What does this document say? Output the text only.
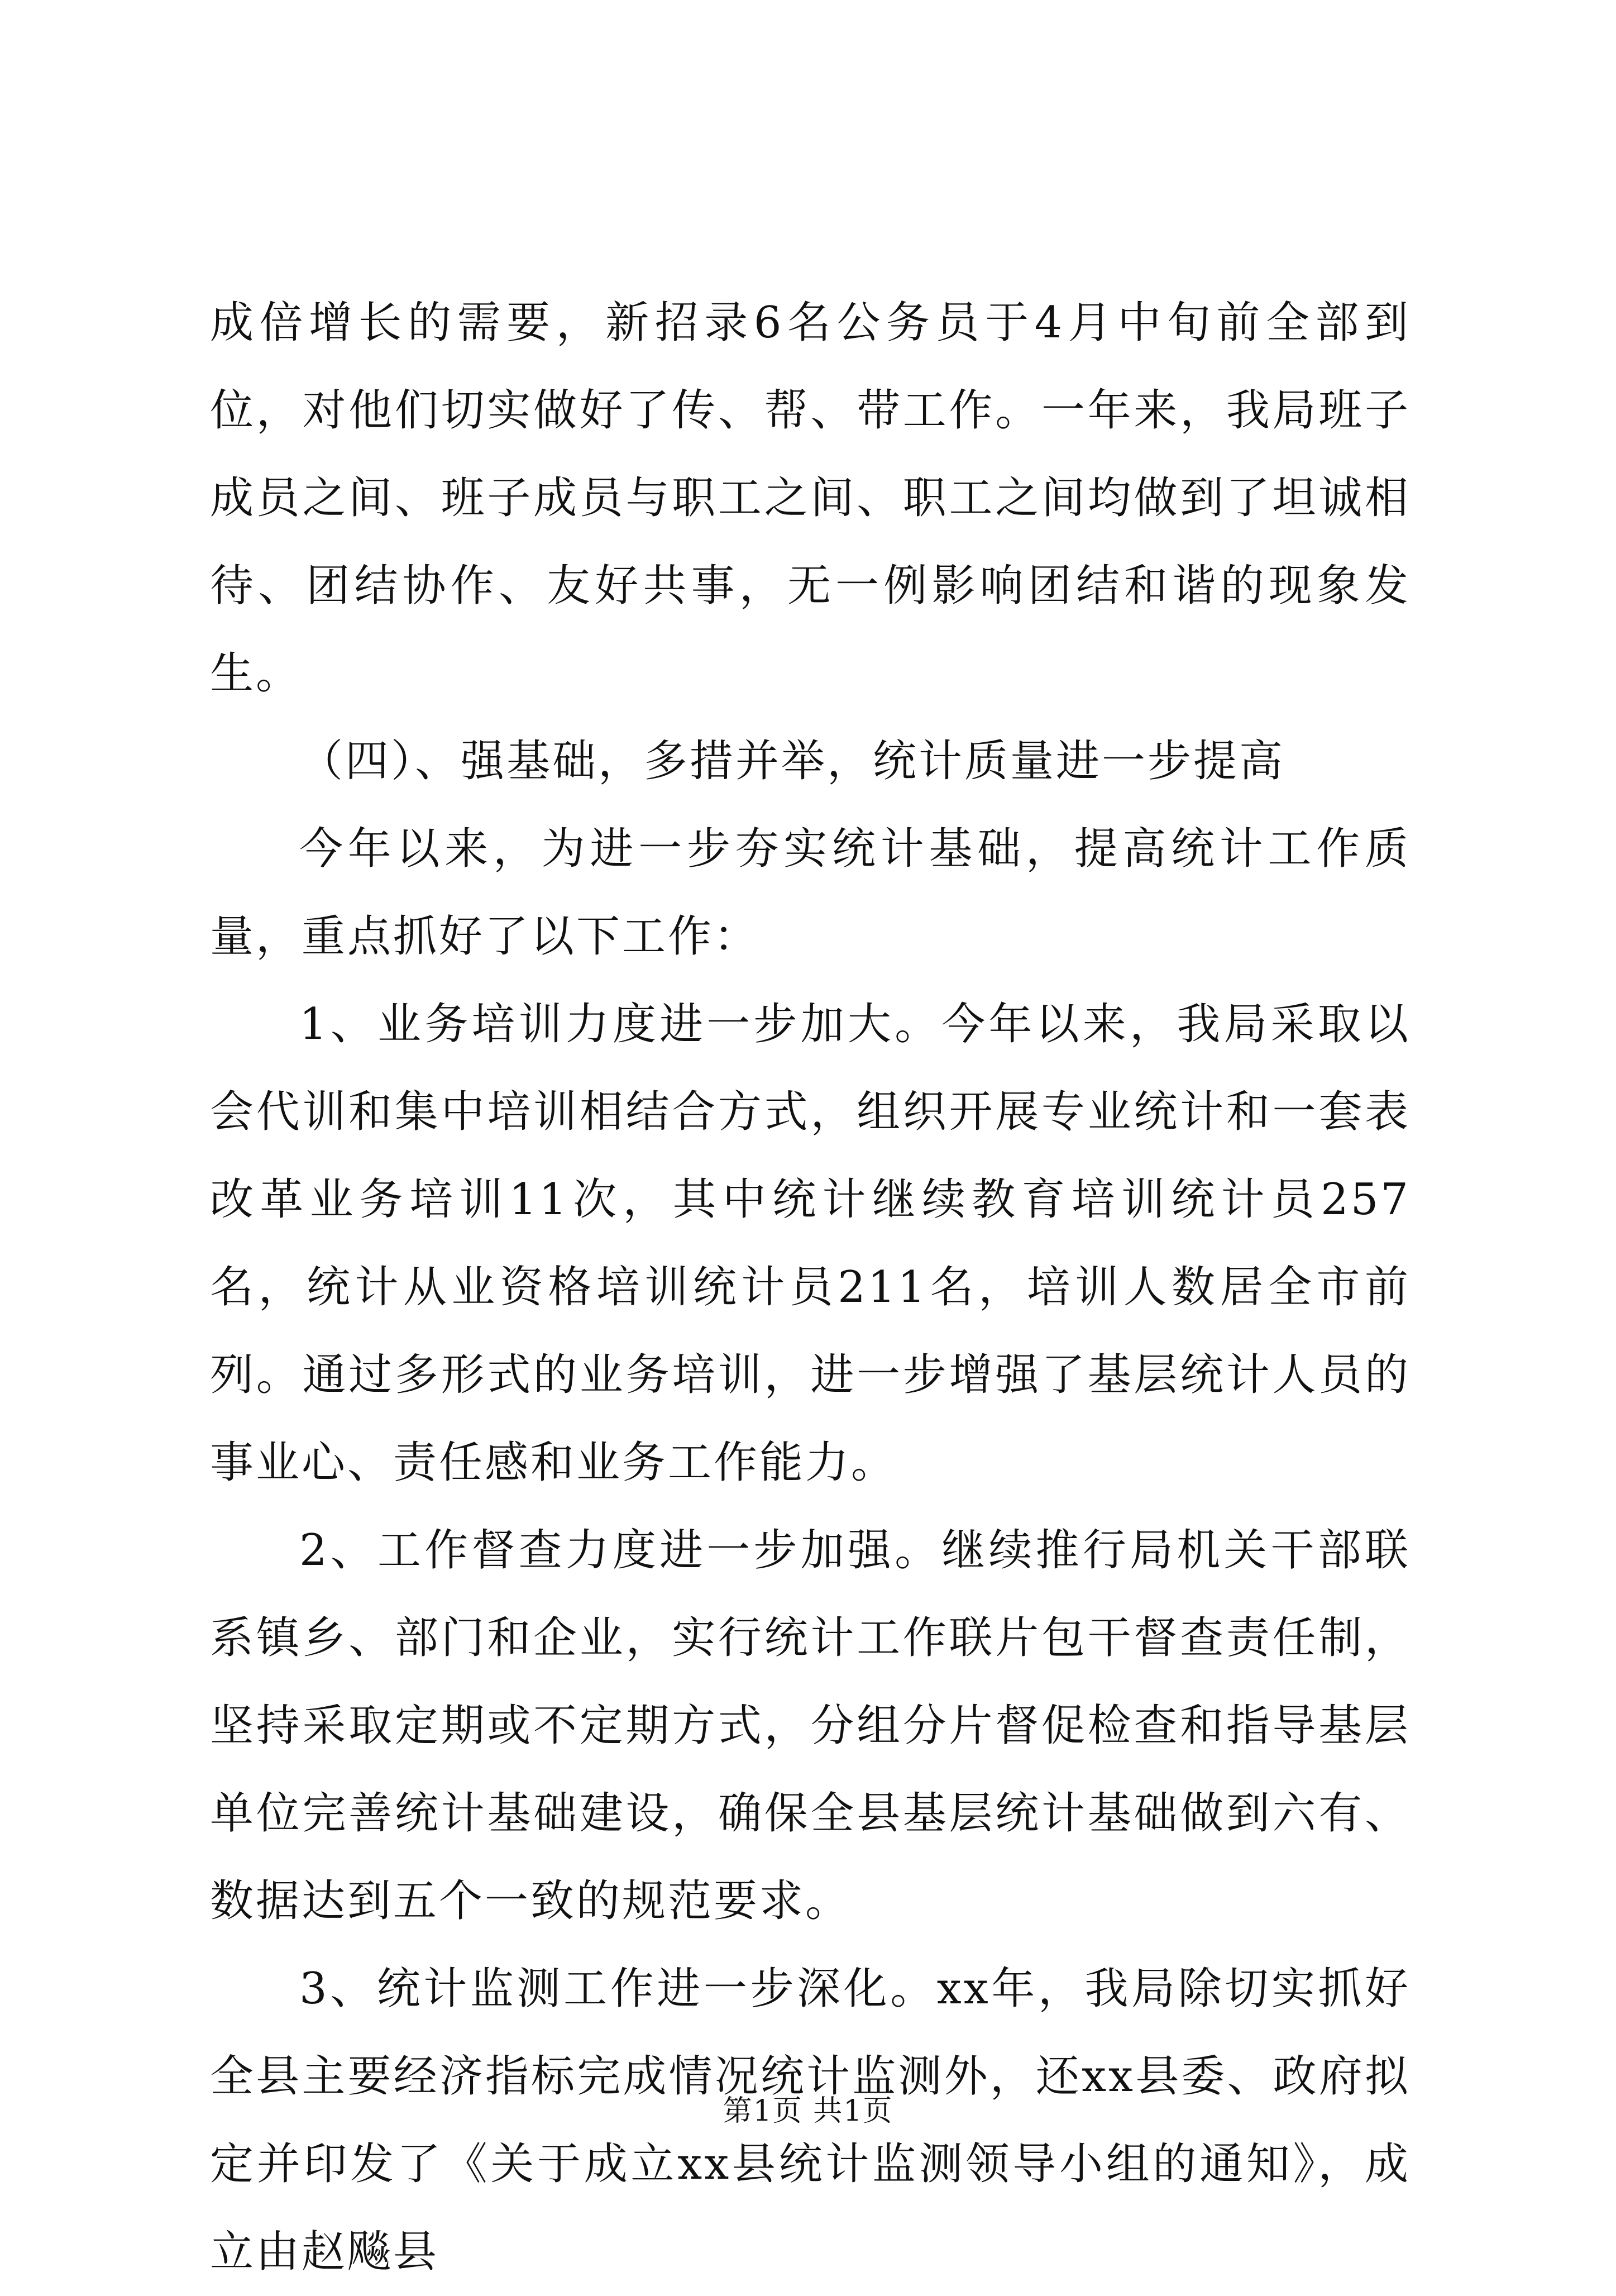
成倍增长的需要，新招录6名公务员于4月中旬前全部到位，对他们切实做好了传、帮、带工作。一年来，我局班子成员之间、班子成员与职工之间、职工之间均做到了坦诚相待、团结协作、友好共事，无一例影响团结和谐的现象发生。

（四）、强基础，多措并举，统计质量进一步提高

今年以来，为进一步夯实统计基础，提高统计工作质量，重点抓好了以下工作：

1、业务培训力度进一步加大。今年以来，我局采取以会代训和集中培训相结合方式，组织开展专业统计和一套表改革业务培训11次，其中统计继续教育培训统计员257名，统计从业资格培训统计员211名，培训人数居全市前列。通过多形式的业务培训，进一步增强了基层统计人员的事业心、责任感和业务工作能力。

2、工作督查力度进一步加强。继续推行局机关干部联系镇乡、部门和企业，实行统计工作联片包干督查责任制，坚持采取定期或不定期方式，分组分片督促检查和指导基层单位完善统计基础建设，确保全县基层统计基础做到六有、数据达到五个一致的规范要求。

3、统计监测工作进一步深化。xx年，我局除切实抓好全县主要经济指标完成情况统计监测外，还xx县委、政府拟定并印发了《关于成立xx县统计监测领导小组的通知》，成立由赵飚县

第1页 共1页
